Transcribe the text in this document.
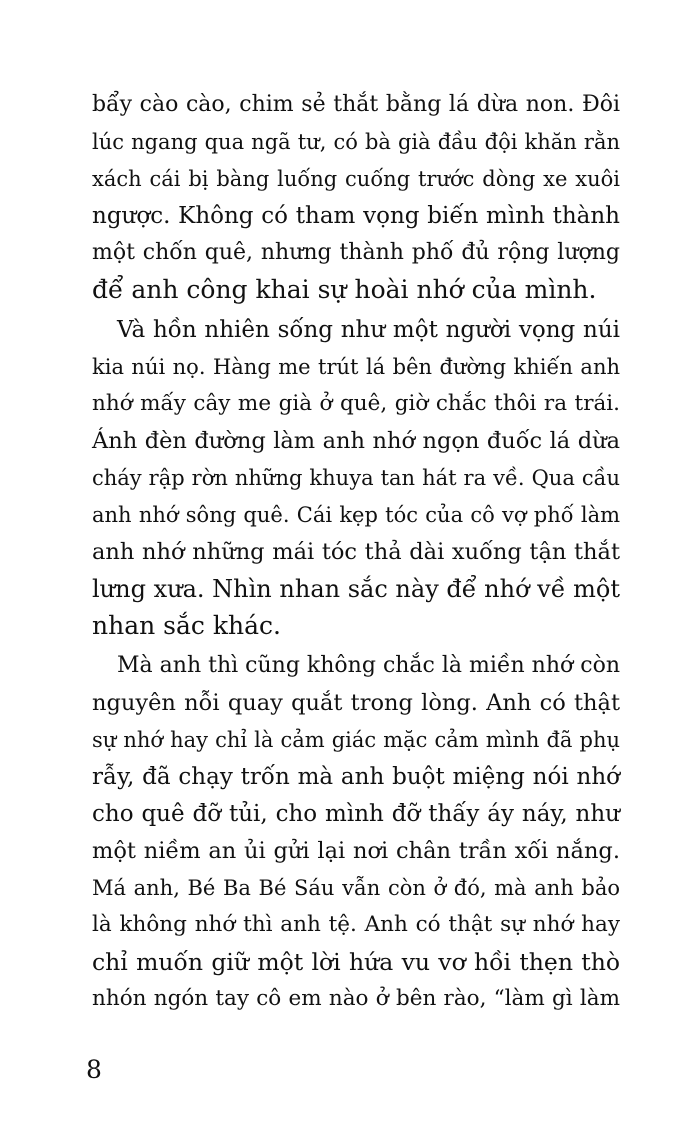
bẩy cào cào, chim sẻ thắt bằng lá dừa non. Đôi
lúc ngang qua ngã tư, có bà già đầu đội khăn rằn
xách cái bị bàng luống cuống trước dòng xe xuôi
ngược. Không có tham vọng biến mình thành
một chốn quê, nhưng thành phố đủ rộng lượng
để anh công khai sự hoài nhớ của mình.
Và hồn nhiên sống như một người vọng núi
kia núi nọ. Hàng me trút lá bên đường khiến anh
nhớ mấy cây me già ở quê, giờ chắc thôi ra trái.
Ánh đèn đường làm anh nhớ ngọn đuốc lá dừa
cháy rập rờn những khuya tan hát ra về. Qua cầu
anh nhớ sông quê. Cái kẹp tóc của cô vợ phố làm
anh nhớ những mái tóc thả dài xuống tận thắt
lưng xưa. Nhìn nhan sắc này để nhớ về một
nhan sắc khác.
Mà anh thì cũng không chắc là miền nhớ còn
nguyên nỗi quay quắt trong lòng. Anh có thật
sự nhớ hay chỉ là cảm giác mặc cảm mình đã phụ
rẫy, đã chạy trốn mà anh buột miệng nói nhớ
cho quê đỡ tủi, cho mình đỡ thấy áy náy, như
một niềm an ủi gửi lại nơi chân trần xối nắng.
Má anh, Bé Ba Bé Sáu vẫn còn ở đó, mà anh bảo
là không nhớ thì anh tệ. Anh có thật sự nhớ hay
chỉ muốn giữ một lời hứa vu vơ hồi thẹn thò
nhón ngón tay cô em nào ở bên rào, “làm gì làm
8
